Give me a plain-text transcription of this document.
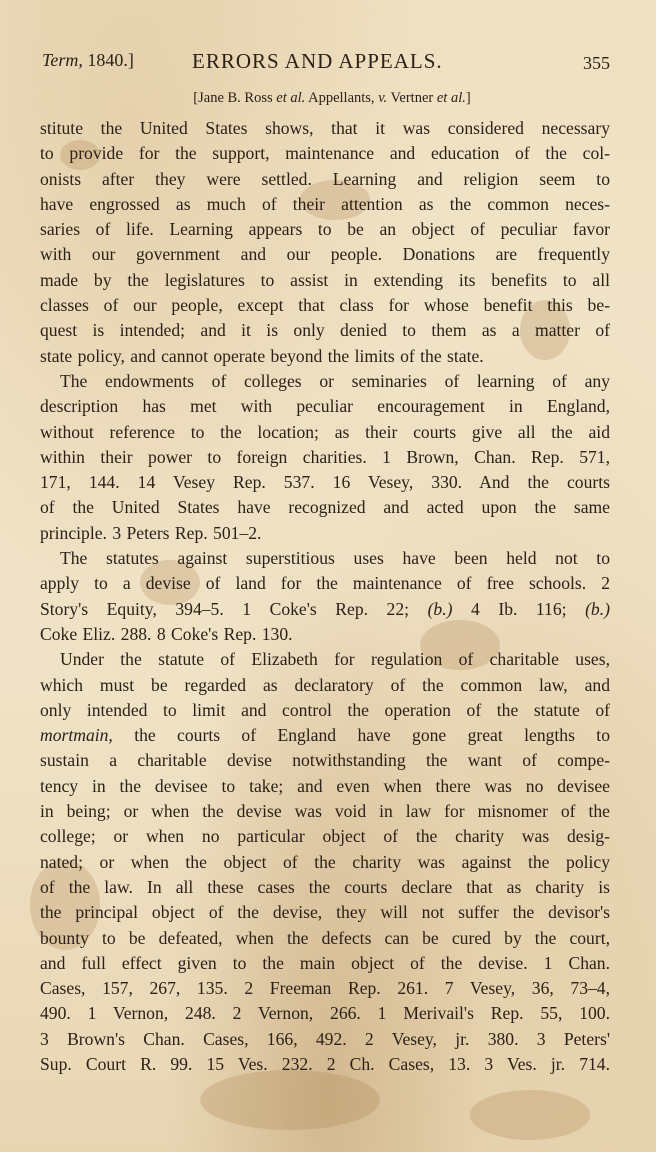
Term, 1840.]	ERRORS AND APPEALS.	355
[Jane B. Ross et al. Appellants, v. Vertner et al.]
stitute the United States shows, that it was considered necessary
to provide for the support, maintenance and education of the col-
onists after they were settled. Learning and religion seem to
have engrossed as much of their attention as the common neces-
saries of life. Learning appears to be an object of peculiar favor
with our government and our people. Donations are frequently
made by the legislatures to assist in extending its benefits to all
classes of our people, except that class for whose benefit this be-
quest is intended; and it is only denied to them as a matter of
state policy, and cannot operate beyond the limits of the state.
The endowments of colleges or seminaries of learning of any
description has met with peculiar encouragement in England,
without reference to the location; as their courts give all the aid
within their power to foreign charities. 1 Brown, Chan. Rep. 571,
171, 144. 14 Vesey Rep. 537. 16 Vesey, 330. And the courts
of the United States have recognized and acted upon the same
principle. 3 Peters Rep. 501–2.
The statutes against superstitious uses have been held not to
apply to a devise of land for the maintenance of free schools. 2
Story's Equity, 394–5. 1 Coke's Rep. 22; (b.) 4 Ib. 116; (b.)
Coke Eliz. 288. 8 Coke's Rep. 130.
Under the statute of Elizabeth for regulation of charitable uses,
which must be regarded as declaratory of the common law, and
only intended to limit and control the operation of the statute of
mortmain, the courts of England have gone great lengths to
sustain a charitable devise notwithstanding the want of compe-
tency in the devisee to take; and even when there was no devisee
in being; or when the devise was void in law for misnomer of the
college; or when no particular object of the charity was desig-
nated; or when the object of the charity was against the policy
of the law. In all these cases the courts declare that as charity is
the principal object of the devise, they will not suffer the devisor's
bounty to be defeated, when the defects can be cured by the court,
and full effect given to the main object of the devise. 1 Chan.
Cases, 157, 267, 135. 2 Freeman Rep. 261. 7 Vesey, 36, 73–4,
490. 1 Vernon, 248. 2 Vernon, 266. 1 Merivail's Rep. 55, 100.
3 Brown's Chan. Cases, 166, 492. 2 Vesey, jr. 380. 3 Peters'
Sup. Court R. 99. 15 Ves. 232. 2 Ch. Cases, 13. 3 Ves. jr. 714.
